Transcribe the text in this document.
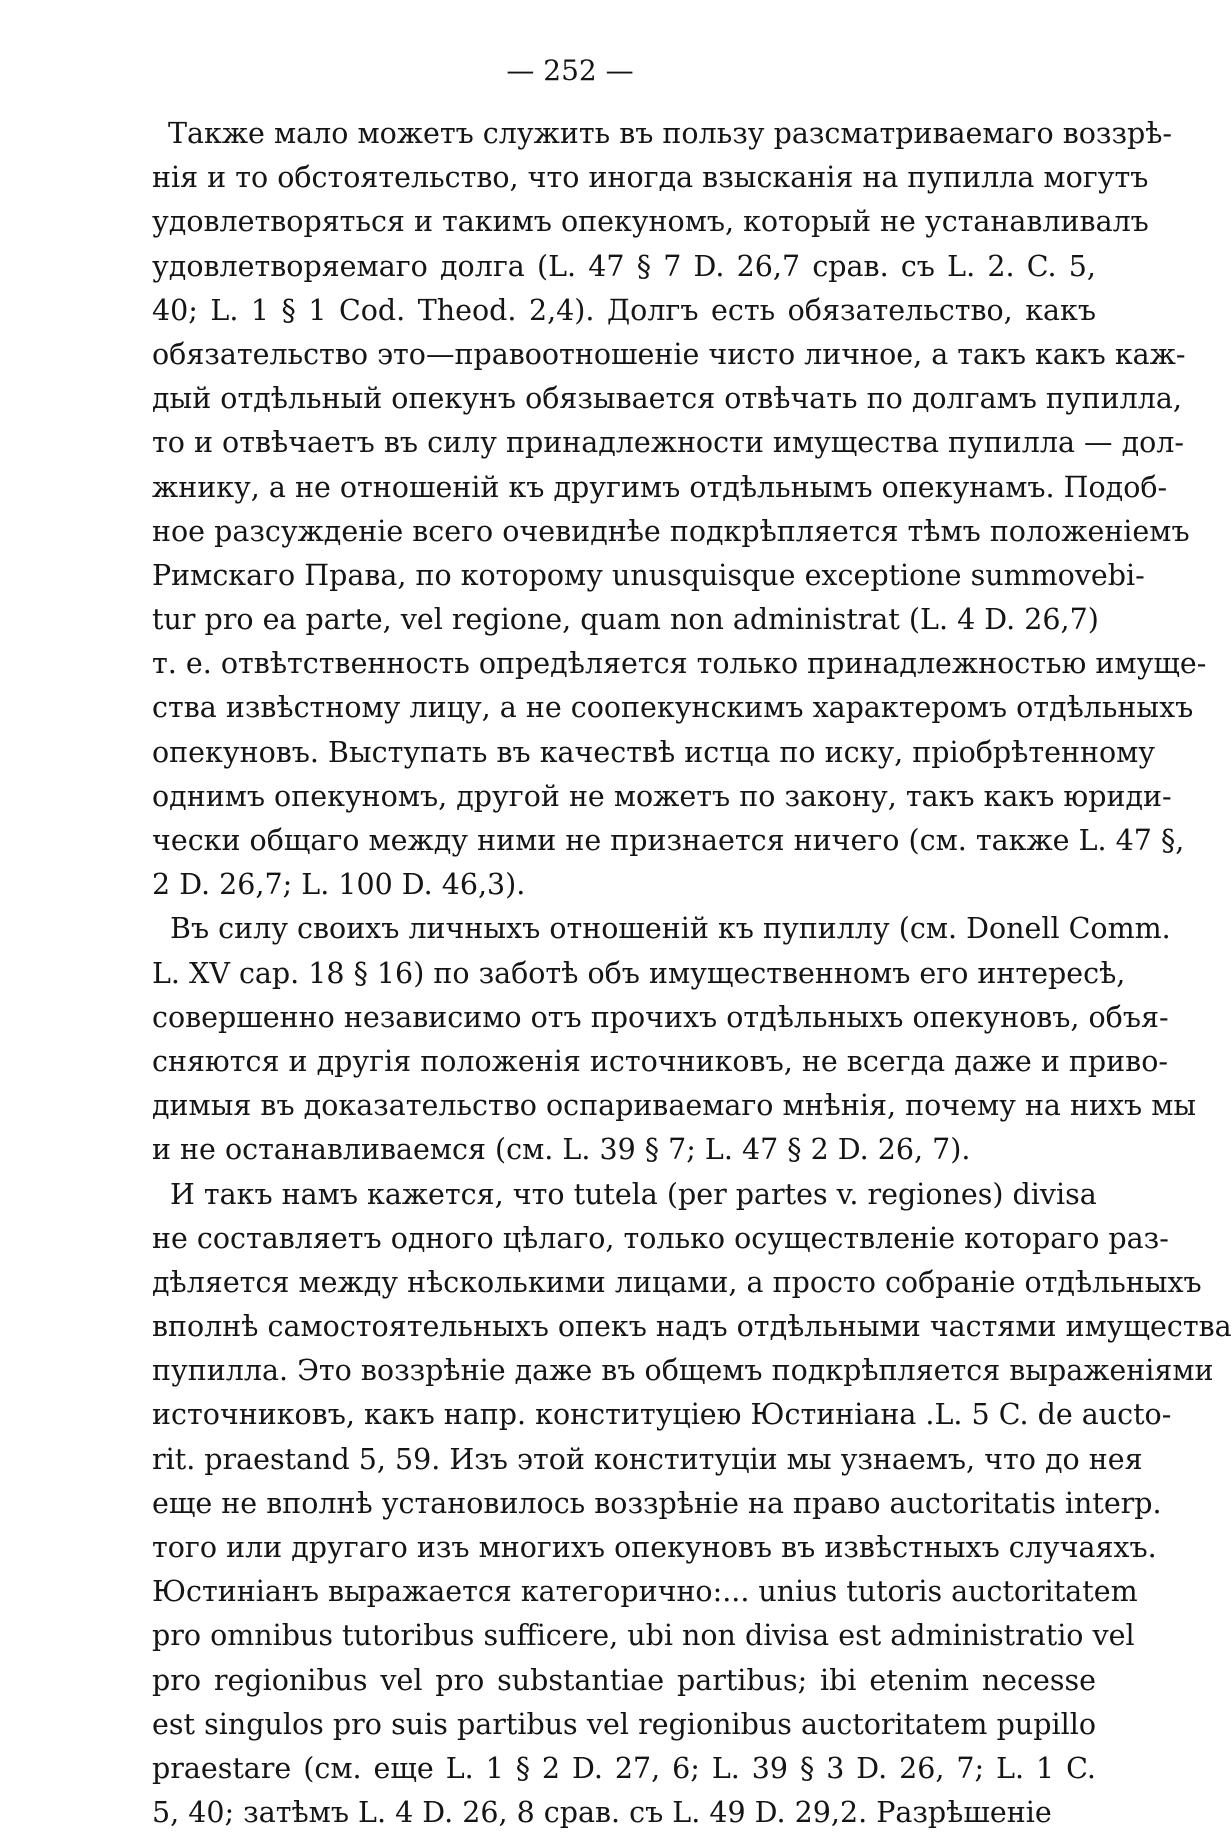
— 252 —
Также мало можетъ служить въ пользу разсматриваемаго воззрѣ-
нія и то обстоятельство, что иногда взысканія на пупилла могутъ
удовлетворяться и такимъ опекуномъ, который не устанавливалъ
удовлетворяемаго долга (L. 47 § 7 D. 26,7 срав. съ L. 2. C. 5,
40; L. 1 § 1 Cod. Theod. 2,4). Долгъ есть обязательство, какъ
обязательство это—правоотношеніе чисто личное, а такъ какъ каж-
дый отдѣльный опекунъ обязывается отвѣчать по долгамъ пупилла,
то и отвѣчаетъ въ силу принадлежности имущества пупилла — дол-
жнику, а не отношеній къ другимъ отдѣльнымъ опекунамъ. Подоб-
ное разсужденіе всего очевиднѣе подкрѣпляется тѣмъ положеніемъ
Римскаго Права, по которому unusquisque exceptione summovebi-
tur pro ea parte, vel regione, quam non administrat (L. 4 D. 26,7)
т. е. отвѣтственность опредѣляется только принадлежностью имуще-
ства извѣстному лицу, а не соопекунскимъ характеромъ отдѣльныхъ
опекуновъ. Выступать въ качествѣ истца по иску, пріобрѣтенному
однимъ опекуномъ, другой не можетъ по закону, такъ какъ юриди-
чески общаго между ними не признается ничего (см. также L. 47 §,
2 D. 26,7; L. 100 D. 46,3).
Въ силу своихъ личныхъ отношеній къ пупиллу (см. Donell Comm.
L. XV cap. 18 § 16) по заботѣ объ имущественномъ его интересѣ,
совершенно независимо отъ прочихъ отдѣльныхъ опекуновъ, объя-
сняются и другія положенія источниковъ, не всегда даже и приво-
димыя въ доказательство оспариваемаго мнѣнія, почему на нихъ мы
и не останавливаемся (см. L. 39 § 7; L. 47 § 2 D. 26, 7).
И такъ намъ кажется, что tutela (per partes v. regiones) divisa
не составляетъ одного цѣлаго, только осуществленіе котораго раз-
дѣляется между нѣсколькими лицами, а просто собраніе отдѣльныхъ
вполнѣ самостоятельныхъ опекъ надъ отдѣльными частями имущества
пупилла. Это воззрѣніе даже въ общемъ подкрѣпляется выраженіями
источниковъ, какъ напр. конституціею Юстиніана .L. 5 C. de aucto-
rit. praestand 5, 59. Изъ этой конституціи мы узнаемъ, что до нея
еще не вполнѣ установилось воззрѣніе на право auctoritatis interp.
того или другаго изъ многихъ опекуновъ въ извѣстныхъ случаяхъ.
Юстиніанъ выражается категорично:... unius tutoris auctoritatem
pro omnibus tutoribus sufficere, ubi non divisa est administratio vel
pro regionibus vel pro substantiae partibus; ibi etenim necesse
est singulos pro suis partibus vel regionibus auctoritatem pupillo
praestare (см. еще L. 1 § 2 D. 27, 6; L. 39 § 3 D. 26, 7; L. 1 C.
5, 40; затѣмъ L. 4 D. 26, 8 срав. съ L. 49 D. 29,2. Разрѣшеніе
